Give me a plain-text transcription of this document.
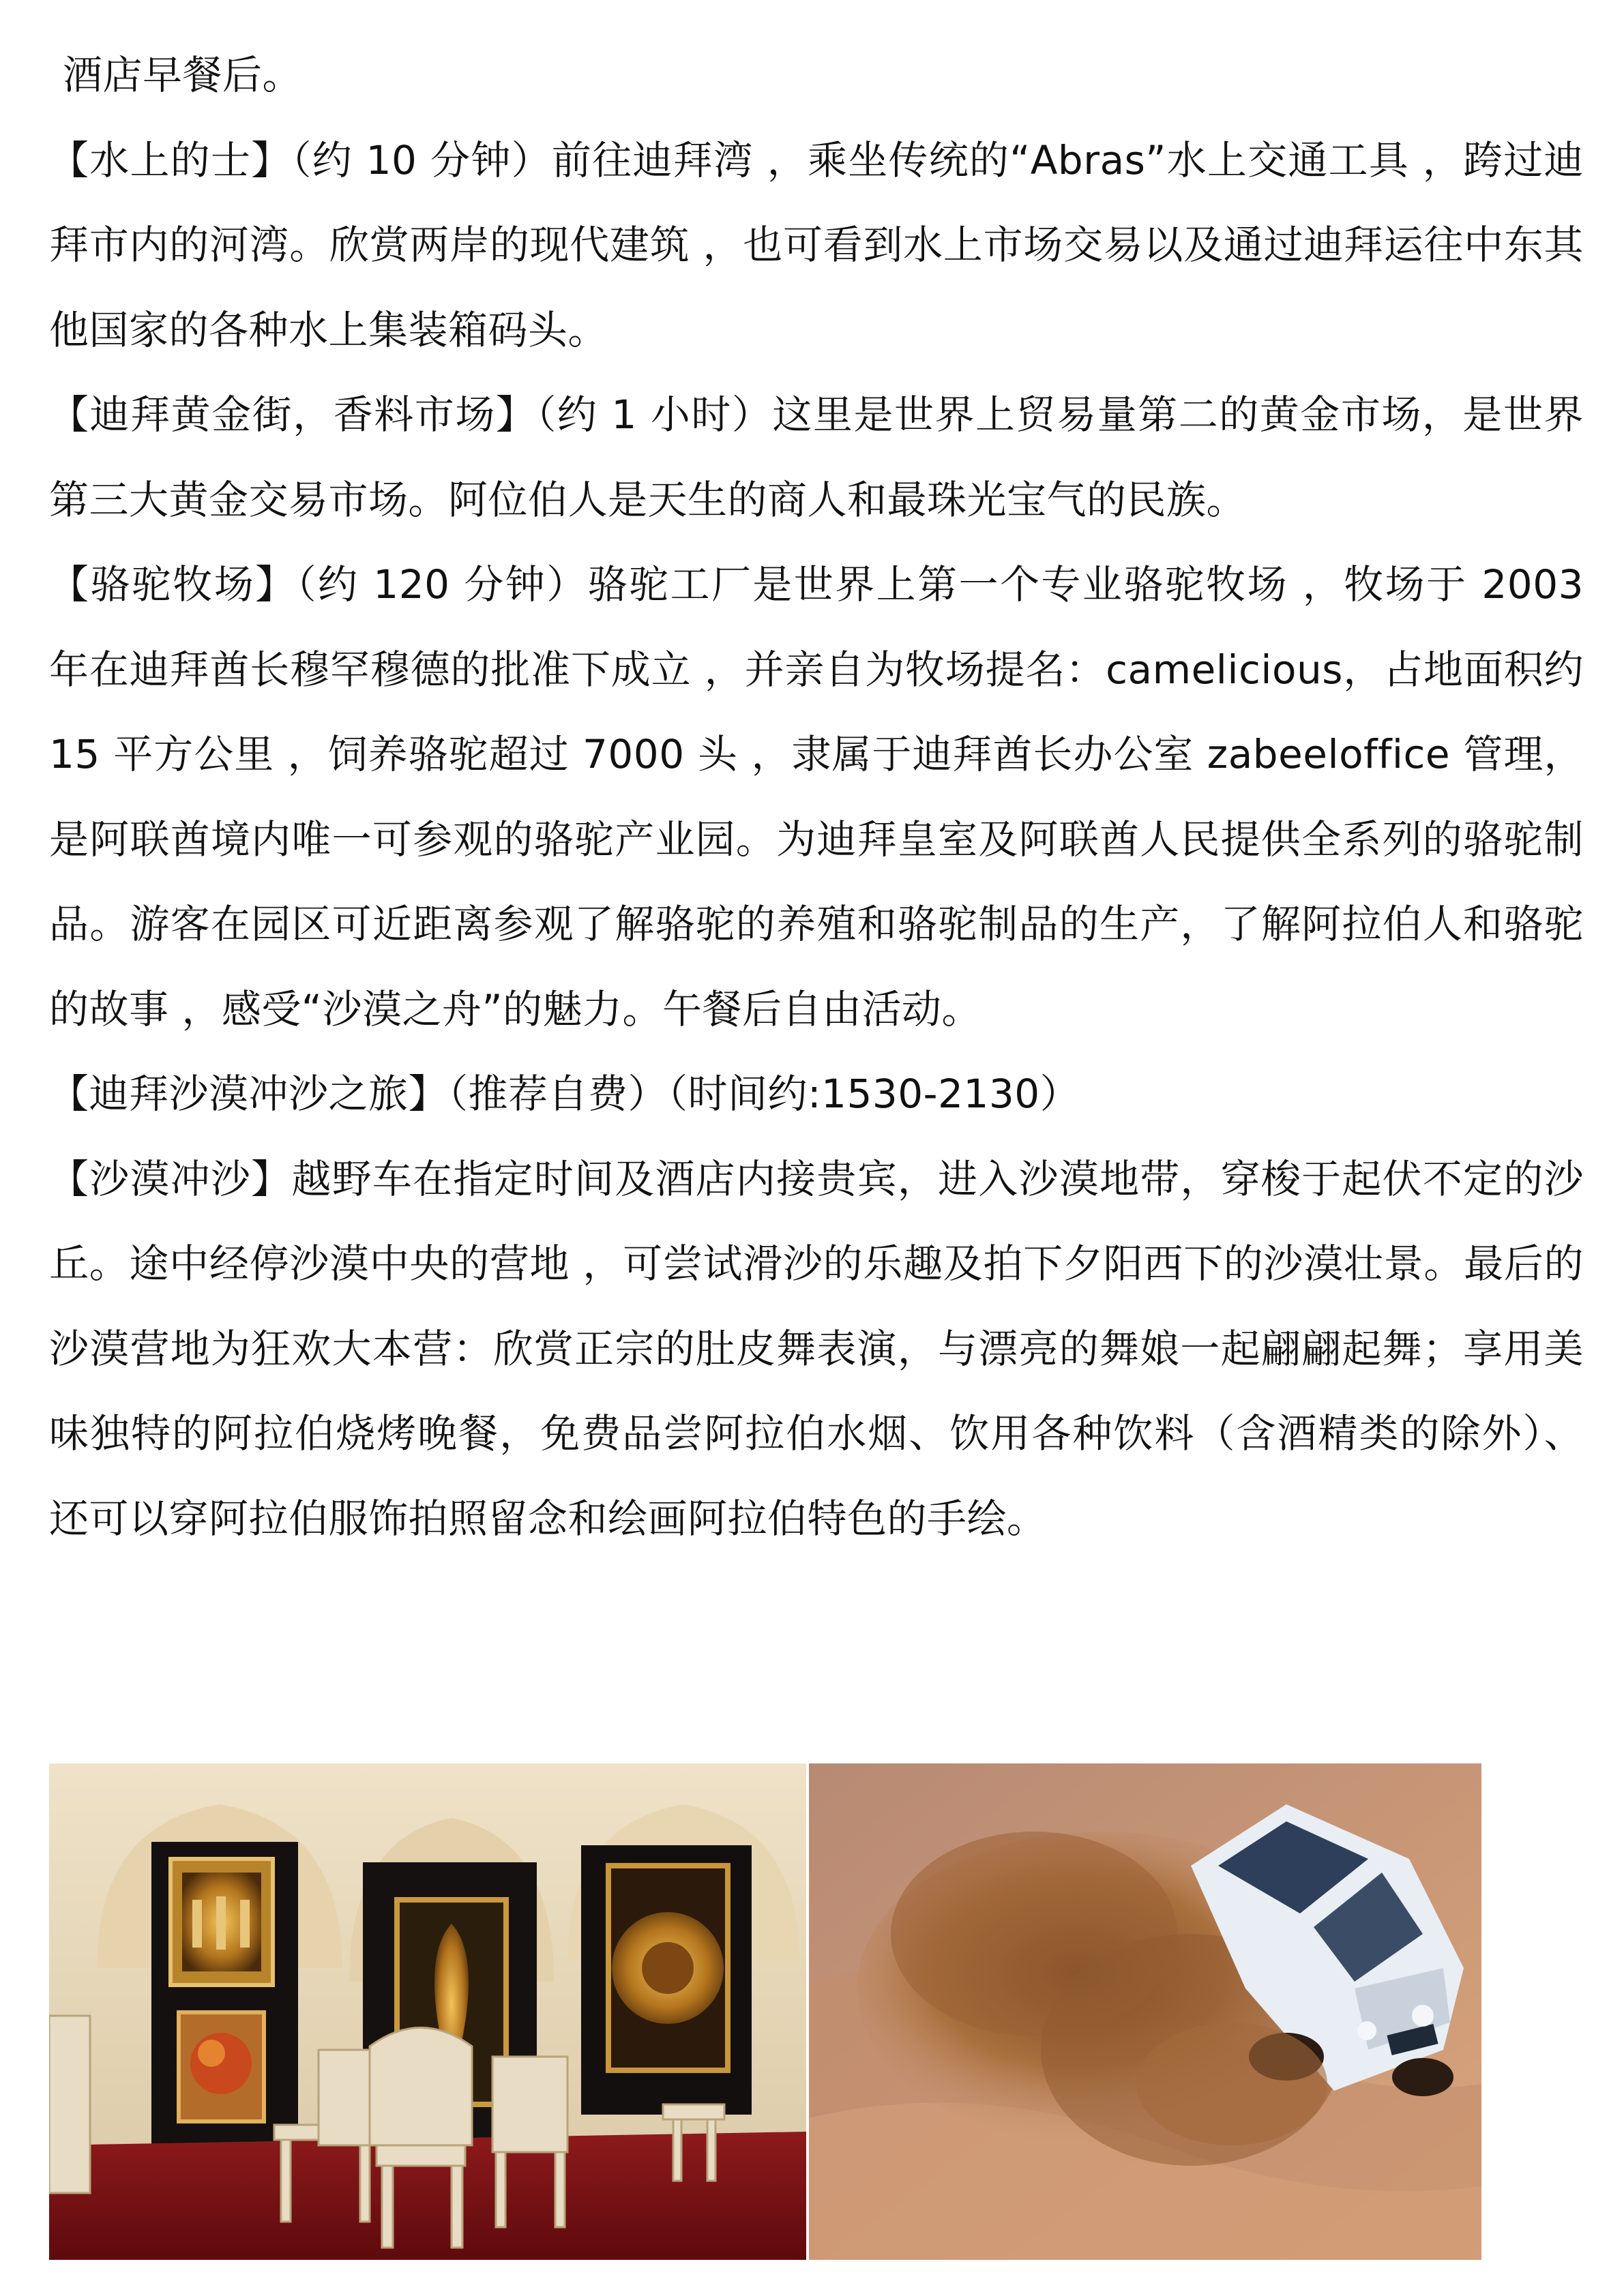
酒店早餐后。

【水上的士】（约 10 分钟）前往迪拜湾 ，乘坐传统的“Abras”水上交通工具 ，跨过迪拜市内的河湾。欣赏两岸的现代建筑 ，也可看到水上市场交易以及通过迪拜运往中东其他国家的各种水上集装箱码头。

【迪拜黄金街，香料市场】（约 1 小时）这里是世界上贸易量第二的黄金市场，是世界第三大黄金交易市场。阿位伯人是天生的商人和最珠光宝气的民族。

【骆驼牧场】（约 120 分钟）骆驼工厂是世界上第一个专业骆驼牧场 ，牧场于 2003 年在迪拜酋长穆罕穆德的批准下成立 ，并亲自为牧场提名：camelicious，占地面积约 15 平方公里 ，饲养骆驼超过 7000 头 ，隶属于迪拜酋长办公室 zabeeloffice 管理，是阿联酋境内唯一可参观的骆驼产业园。为迪拜皇室及阿联酋人民提供全系列的骆驼制品。游客在园区可近距离参观了解骆驼的养殖和骆驼制品的生产，了解阿拉伯人和骆驼的故事 ，感受“沙漠之舟”的魅力。午餐后自由活动。

【迪拜沙漠冲沙之旅】（推荐自费）（时间约:1530-2130）

【沙漠冲沙】越野车在指定时间及酒店内接贵宾，进入沙漠地带，穿梭于起伏不定的沙丘。途中经停沙漠中央的营地 ，可尝试滑沙的乐趣及拍下夕阳西下的沙漠壮景。最后的沙漠营地为狂欢大本营：欣赏正宗的肚皮舞表演，与漂亮的舞娘一起翩翩起舞；享用美味独特的阿拉伯烧烤晚餐，免费品尝阿拉伯水烟、饮用各种饮料（含酒精类的除外）、还可以穿阿拉伯服饰拍照留念和绘画阿拉伯特色的手绘。
